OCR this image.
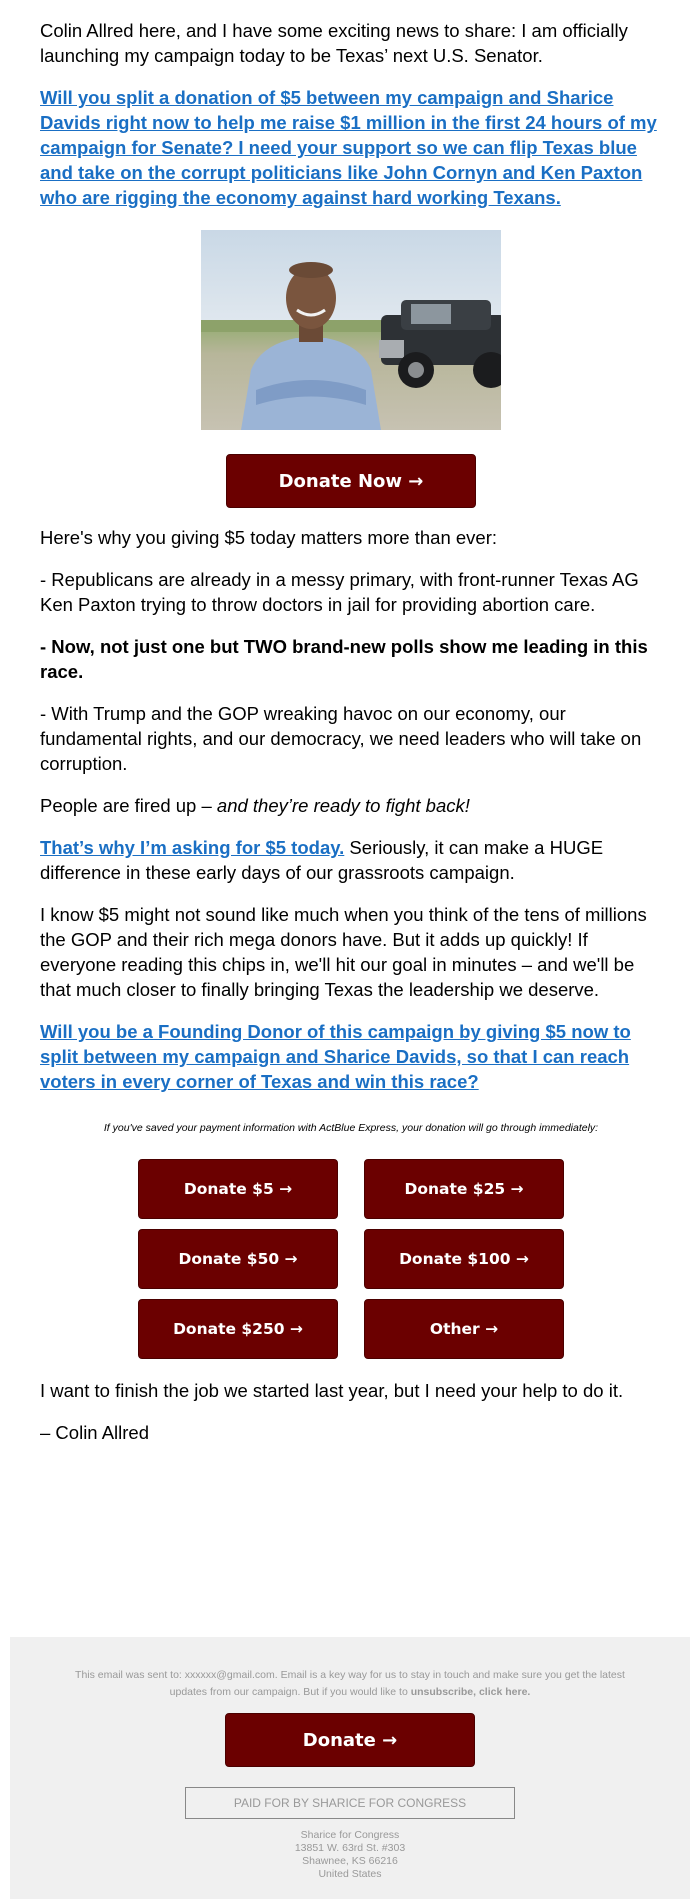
Colin Allred here, and I have some exciting news to share: I am officially launching my campaign today to be Texas’ next U.S. Senator.

Will you split a donation of $5 between my campaign and Sharice Davids right now to help me raise $1 million in the first 24 hours of my campaign for Senate? I need your support so we can flip Texas blue and take on the corrupt politicians like John Cornyn and Ken Paxton who are rigging the economy against hard working Texans.

Donate Now →

Here's why you giving $5 today matters more than ever:

- Republicans are already in a messy primary, with front-runner Texas AG Ken Paxton trying to throw doctors in jail for providing abortion care.

- Now, not just one but TWO brand-new polls show me leading in this race.

- With Trump and the GOP wreaking havoc on our economy, our fundamental rights, and our democracy, we need leaders who will take on corruption.

People are fired up – and they’re ready to fight back!

That’s why I’m asking for $5 today. Seriously, it can make a HUGE difference in these early days of our grassroots campaign.

I know $5 might not sound like much when you think of the tens of millions the GOP and their rich mega donors have. But it adds up quickly! If everyone reading this chips in, we'll hit our goal in minutes – and we'll be that much closer to finally bringing Texas the leadership we deserve.

Will you be a Founding Donor of this campaign by giving $5 now to split between my campaign and Sharice Davids, so that I can reach voters in every corner of Texas and win this race?

If you've saved your payment information with ActBlue Express, your donation will go through immediately:
Donate $5 →	Donate $25 →
Donate $50 →	Donate $100 →
Donate $250 →	Other →

I want to finish the job we started last year, but I need your help to do it.

– Colin Allred

This email was sent to: xxxxxx@gmail.com. Email is a key way for us to stay in touch and make sure you get the latest updates from our campaign. But if you would like to unsubscribe, click here.
Donate →
PAID FOR BY SHARICE FOR CONGRESS
Sharice for Congress
13851 W. 63rd St. #303
Shawnee, KS 66216
United States
